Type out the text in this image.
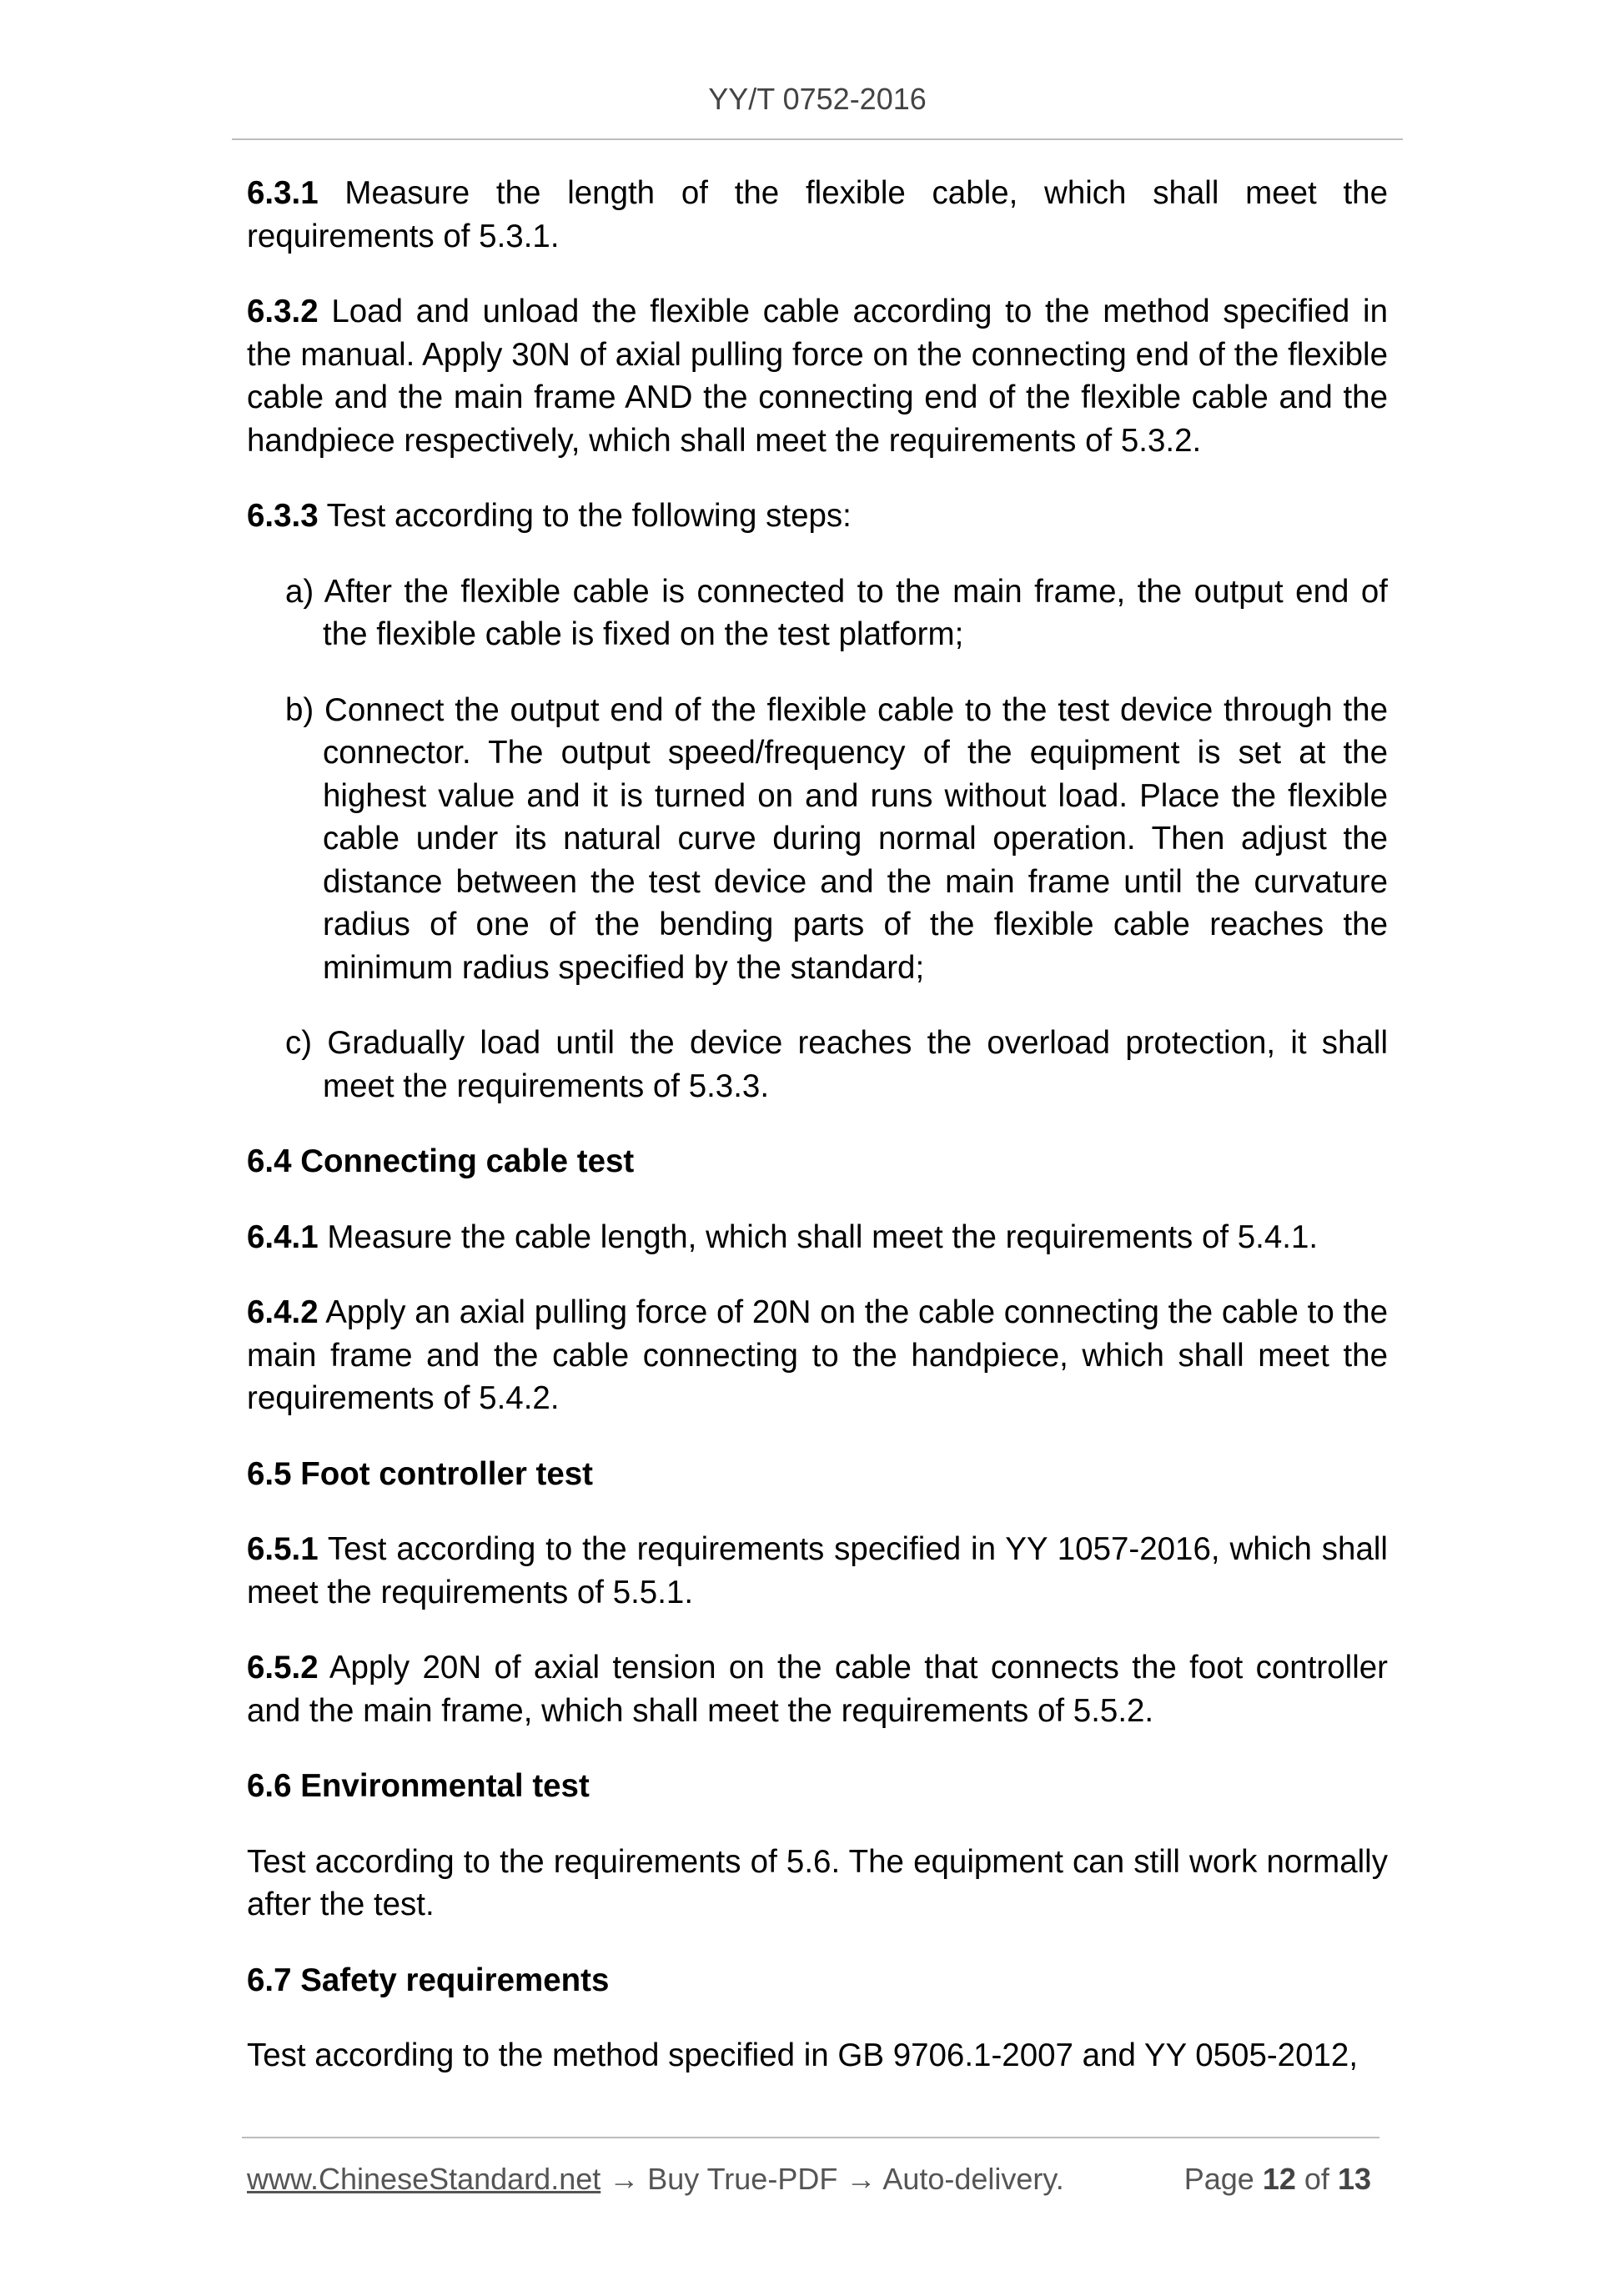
YY/T 0752-2016

6.3.1 Measure the length of the flexible cable, which shall meet the requirements of 5.3.1.

6.3.2 Load and unload the flexible cable according to the method specified in the manual. Apply 30N of axial pulling force on the connecting end of the flexible cable and the main frame AND the connecting end of the flexible cable and the handpiece respectively, which shall meet the requirements of 5.3.2.

6.3.3 Test according to the following steps:

a) After the flexible cable is connected to the main frame, the output end of the flexible cable is fixed on the test platform;

b) Connect the output end of the flexible cable to the test device through the connector. The output speed/frequency of the equipment is set at the highest value and it is turned on and runs without load. Place the flexible cable under its natural curve during normal operation. Then adjust the distance between the test device and the main frame until the curvature radius of one of the bending parts of the flexible cable reaches the minimum radius specified by the standard;

c) Gradually load until the device reaches the overload protection, it shall meet the requirements of 5.3.3.

6.4 Connecting cable test

6.4.1 Measure the cable length, which shall meet the requirements of 5.4.1.

6.4.2 Apply an axial pulling force of 20N on the cable connecting the cable to the main frame and the cable connecting to the handpiece, which shall meet the requirements of 5.4.2.

6.5 Foot controller test

6.5.1 Test according to the requirements specified in YY 1057-2016, which shall meet the requirements of 5.5.1.

6.5.2 Apply 20N of axial tension on the cable that connects the foot controller and the main frame, which shall meet the requirements of 5.5.2.

6.6 Environmental test

Test according to the requirements of 5.6. The equipment can still work normally after the test.

6.7 Safety requirements

Test according to the method specified in GB 9706.1-2007 and YY 0505-2012,

www.ChineseStandard.net → Buy True-PDF → Auto-delivery.	Page 12 of 13
